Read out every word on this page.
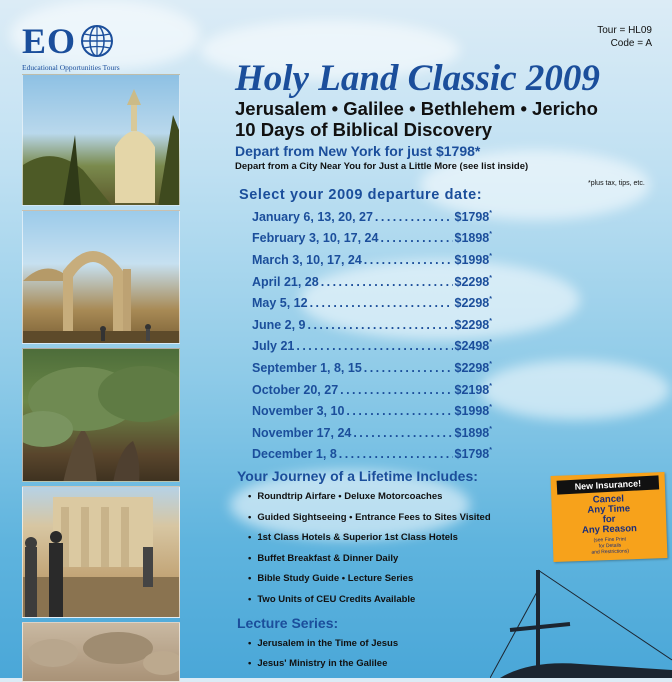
EO
Educational Opportunities Tours
Tour = HL09
Code = A
Holy Land Classic 2009
Jerusalem • Galilee • Bethlehem • Jericho
10 Days of Biblical Discovery
Depart from New York for just $1798*
Depart from a City Near You for Just a Little More (see list inside)
*plus tax, tips, etc.
Select your 2009 departure date:
January 6, 13, 20, 27 . . .	$1798*
February 3, 10, 17, 24 . . .	$1898*
March 3, 10, 17, 24 . . .	$1998*
April 21, 28 . . .	$2298*
May 5, 12 . . .	$2298*
June 2, 9 . . .	$2298*
July 21 . . .	$2498*
September 1, 8, 15 . . .	$2298*
October 20, 27 . . .	$2198*
November 3, 10 . . .	$1998*
November 17, 24 . . .	$1898*
December 1, 8 . . .	$1798*
Your Journey of a Lifetime Includes:
• Roundtrip Airfare • Deluxe Motorcoaches
• Guided Sightseeing • Entrance Fees to Sites Visited
• 1st Class Hotels & Superior 1st Class Hotels
• Buffet Breakfast & Dinner Daily
• Bible Study Guide • Lecture Series
• Two Units of CEU Credits Available
Lecture Series:
• Jerusalem in the Time of Jesus
• Jesus' Ministry in the Galilee
New Insurance!
Cancel
Any Time
for
Any Reason
(see Fine Print
for Details
and Restrictions)
